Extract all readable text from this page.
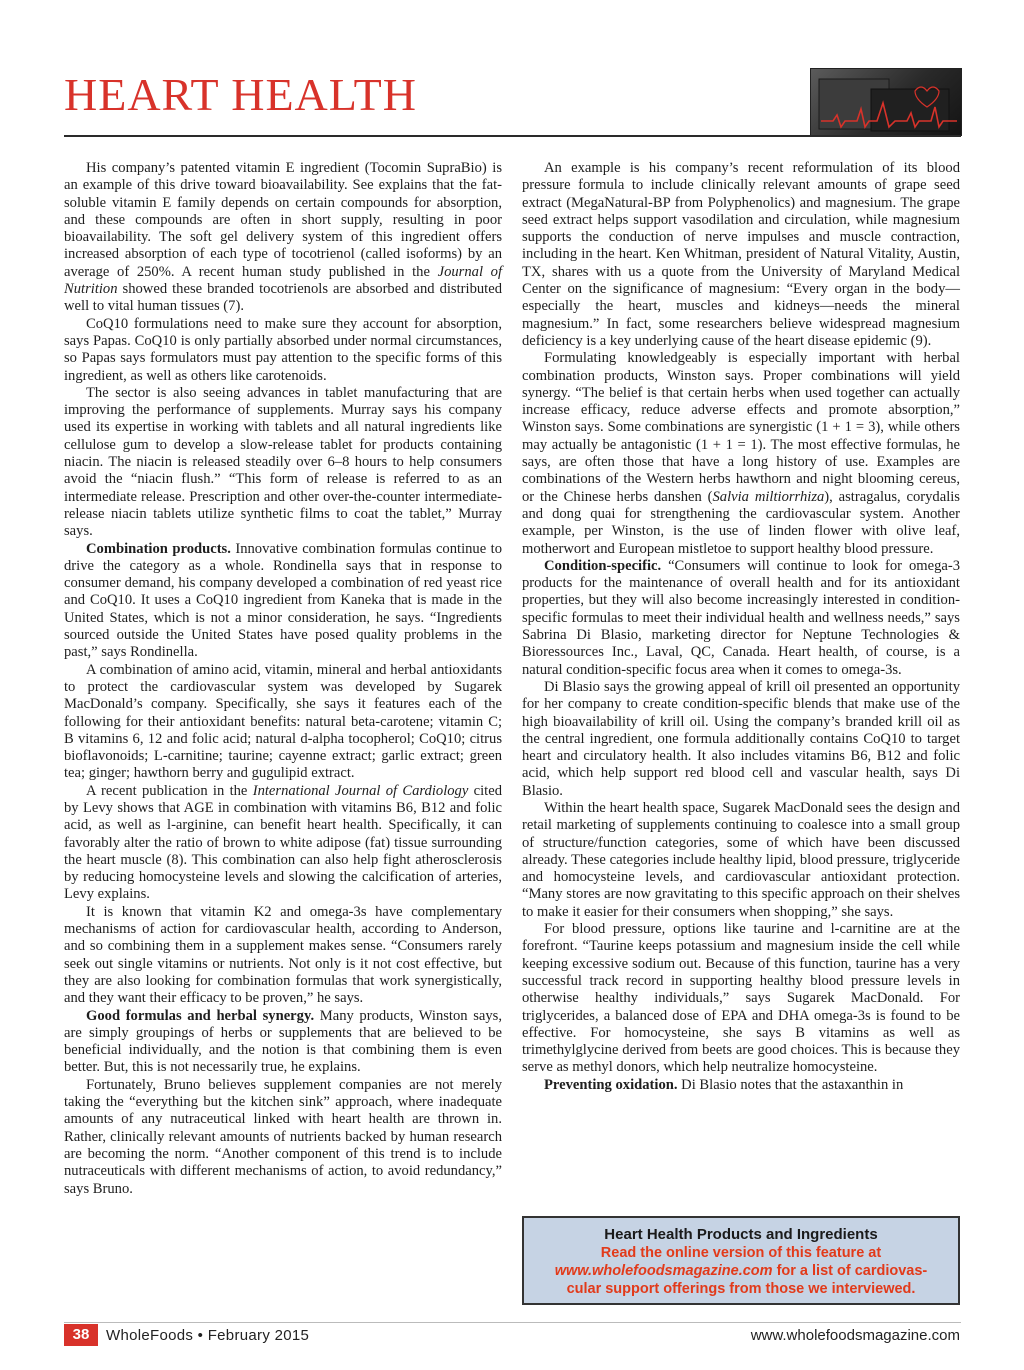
HEART HEALTH

His company’s patented vitamin E ingredient (Tocomin SupraBio) is an example of this drive toward bioavailability. See explains that the fat-soluble vitamin E family depends on certain compounds for absorption, and these compounds are often in short supply, resulting in poor bioavailability. The soft gel delivery system of this ingredient offers increased absorption of each type of tocotrienol (called isoforms) by an average of 250%. A recent human study published in the Journal of Nutrition showed these branded tocotrienols are absorbed and distributed well to vital human tissues (7).

CoQ10 formulations need to make sure they account for absorption, says Papas. CoQ10 is only partially absorbed under normal circumstances, so Papas says formulators must pay attention to the specific forms of this ingredient, as well as others like carotenoids.

The sector is also seeing advances in tablet manufacturing that are improving the performance of supplements. Murray says his company used its expertise in working with tablets and all natural ingredients like cellulose gum to develop a slow-release tablet for products containing niacin. The niacin is released steadily over 6–8 hours to help consumers avoid the “niacin flush.” “This form of release is referred to as an intermediate release. Prescription and other over-the-counter intermediate-release niacin tablets utilize synthetic films to coat the tablet,” Murray says.

Combination products. Innovative combination formulas continue to drive the category as a whole. Rondinella says that in response to consumer demand, his company developed a combination of red yeast rice and CoQ10. It uses a CoQ10 ingredient from Kaneka that is made in the United States, which is not a minor consideration, he says. “Ingredients sourced outside the United States have posed quality problems in the past,” says Rondinella.

A combination of amino acid, vitamin, mineral and herbal antioxidants to protect the cardiovascular system was developed by Sugarek MacDonald’s company. Specifically, she says it features each of the following for their antioxidant benefits: natural beta-carotene; vitamin C; B vitamins 6, 12 and folic acid; natural d-alpha tocopherol; CoQ10; citrus bioflavonoids; L-carnitine; taurine; cayenne extract; garlic extract; green tea; ginger; hawthorn berry and gugulipid extract.

A recent publication in the International Journal of Cardiology cited by Levy shows that AGE in combination with vitamins B6, B12 and folic acid, as well as l-arginine, can benefit heart health. Specifically, it can favorably alter the ratio of brown to white adipose (fat) tissue surrounding the heart muscle (8). This combination can also help fight atherosclerosis by reducing homocysteine levels and slowing the calcification of arteries, Levy explains.

It is known that vitamin K2 and omega-3s have complementary mechanisms of action for cardiovascular health, according to Anderson, and so combining them in a supplement makes sense. “Consumers rarely seek out single vitamins or nutrients. Not only is it not cost effective, but they are also looking for combination formulas that work synergistically, and they want their efficacy to be proven,” he says.

Good formulas and herbal synergy. Many products, Winston says, are simply groupings of herbs or supplements that are believed to be beneficial individually, and the notion is that combining them is even better. But, this is not necessarily true, he explains.

Fortunately, Bruno believes supplement companies are not merely taking the “everything but the kitchen sink” approach, where inadequate amounts of any nutraceutical linked with heart health are thrown in. Rather, clinically relevant amounts of nutrients backed by human research are becoming the norm. “Another component of this trend is to include nutraceuticals with different mechanisms of action, to avoid redundancy,” says Bruno.

An example is his company’s recent reformulation of its blood pressure formula to include clinically relevant amounts of grape seed extract (MegaNatural-BP from Polyphenolics) and magnesium. The grape seed extract helps support vasodilation and circulation, while magnesium supports the conduction of nerve impulses and muscle contraction, including in the heart. Ken Whitman, president of Natural Vitality, Austin, TX, shares with us a quote from the University of Maryland Medical Center on the significance of magnesium: “Every organ in the body—especially the heart, muscles and kidneys—needs the mineral magnesium.” In fact, some researchers believe widespread magnesium deficiency is a key underlying cause of the heart disease epidemic (9).

Formulating knowledgeably is especially important with herbal combination products, Winston says. Proper combinations will yield synergy. “The belief is that certain herbs when used together can actually increase efficacy, reduce adverse effects and promote absorption,” Winston says. Some combinations are synergistic (1 + 1 = 3), while others may actually be antagonistic (1 + 1 = 1). The most effective formulas, he says, are often those that have a long history of use. Examples are combinations of the Western herbs hawthorn and night blooming cereus, or the Chinese herbs danshen (Salvia miltiorrhiza), astragalus, corydalis and dong quai for strengthening the cardiovascular system. Another example, per Winston, is the use of linden flower with olive leaf, motherwort and European mistletoe to support healthy blood pressure.

Condition-specific. “Consumers will continue to look for omega-3 products for the maintenance of overall health and for its antioxidant properties, but they will also become increasingly interested in condition-specific formulas to meet their individual health and wellness needs,” says Sabrina Di Blasio, marketing director for Neptune Technologies & Bioressources Inc., Laval, QC, Canada. Heart health, of course, is a natural condition-specific focus area when it comes to omega-3s.

Di Blasio says the growing appeal of krill oil presented an opportunity for her company to create condition-specific blends that make use of the high bioavailability of krill oil. Using the company’s branded krill oil as the central ingredient, one formula additionally contains CoQ10 to target heart and circulatory health. It also includes vitamins B6, B12 and folic acid, which help support red blood cell and vascular health, says Di Blasio.

Within the heart health space, Sugarek MacDonald sees the design and retail marketing of supplements continuing to coalesce into a small group of structure/function categories, some of which have been discussed already. These categories include healthy lipid, blood pressure, triglyceride and homocysteine levels, and cardiovascular antioxidant protection. “Many stores are now gravitating to this specific approach on their shelves to make it easier for their consumers when shopping,” she says.

For blood pressure, options like taurine and l-carnitine are at the forefront. “Taurine keeps potassium and magnesium inside the cell while keeping excessive sodium out. Because of this function, taurine has a very successful track record in supporting healthy blood pressure levels in otherwise healthy individuals,” says Sugarek MacDonald. For triglycerides, a balanced dose of EPA and DHA omega-3s is found to be effective. For homocysteine, she says B vitamins as well as trimethylglycine derived from beets are good choices. This is because they serve as methyl donors, which help neutralize homocysteine.

Preventing oxidation. Di Blasio notes that the astaxanthin in

Heart Health Products and Ingredients
Read the online version of this feature at
www.wholefoodsmagazine.com for a list of cardiovas-
cular support offerings from those we interviewed.
38	WholeFoods • February 2015	www.wholefoodsmagazine.com
